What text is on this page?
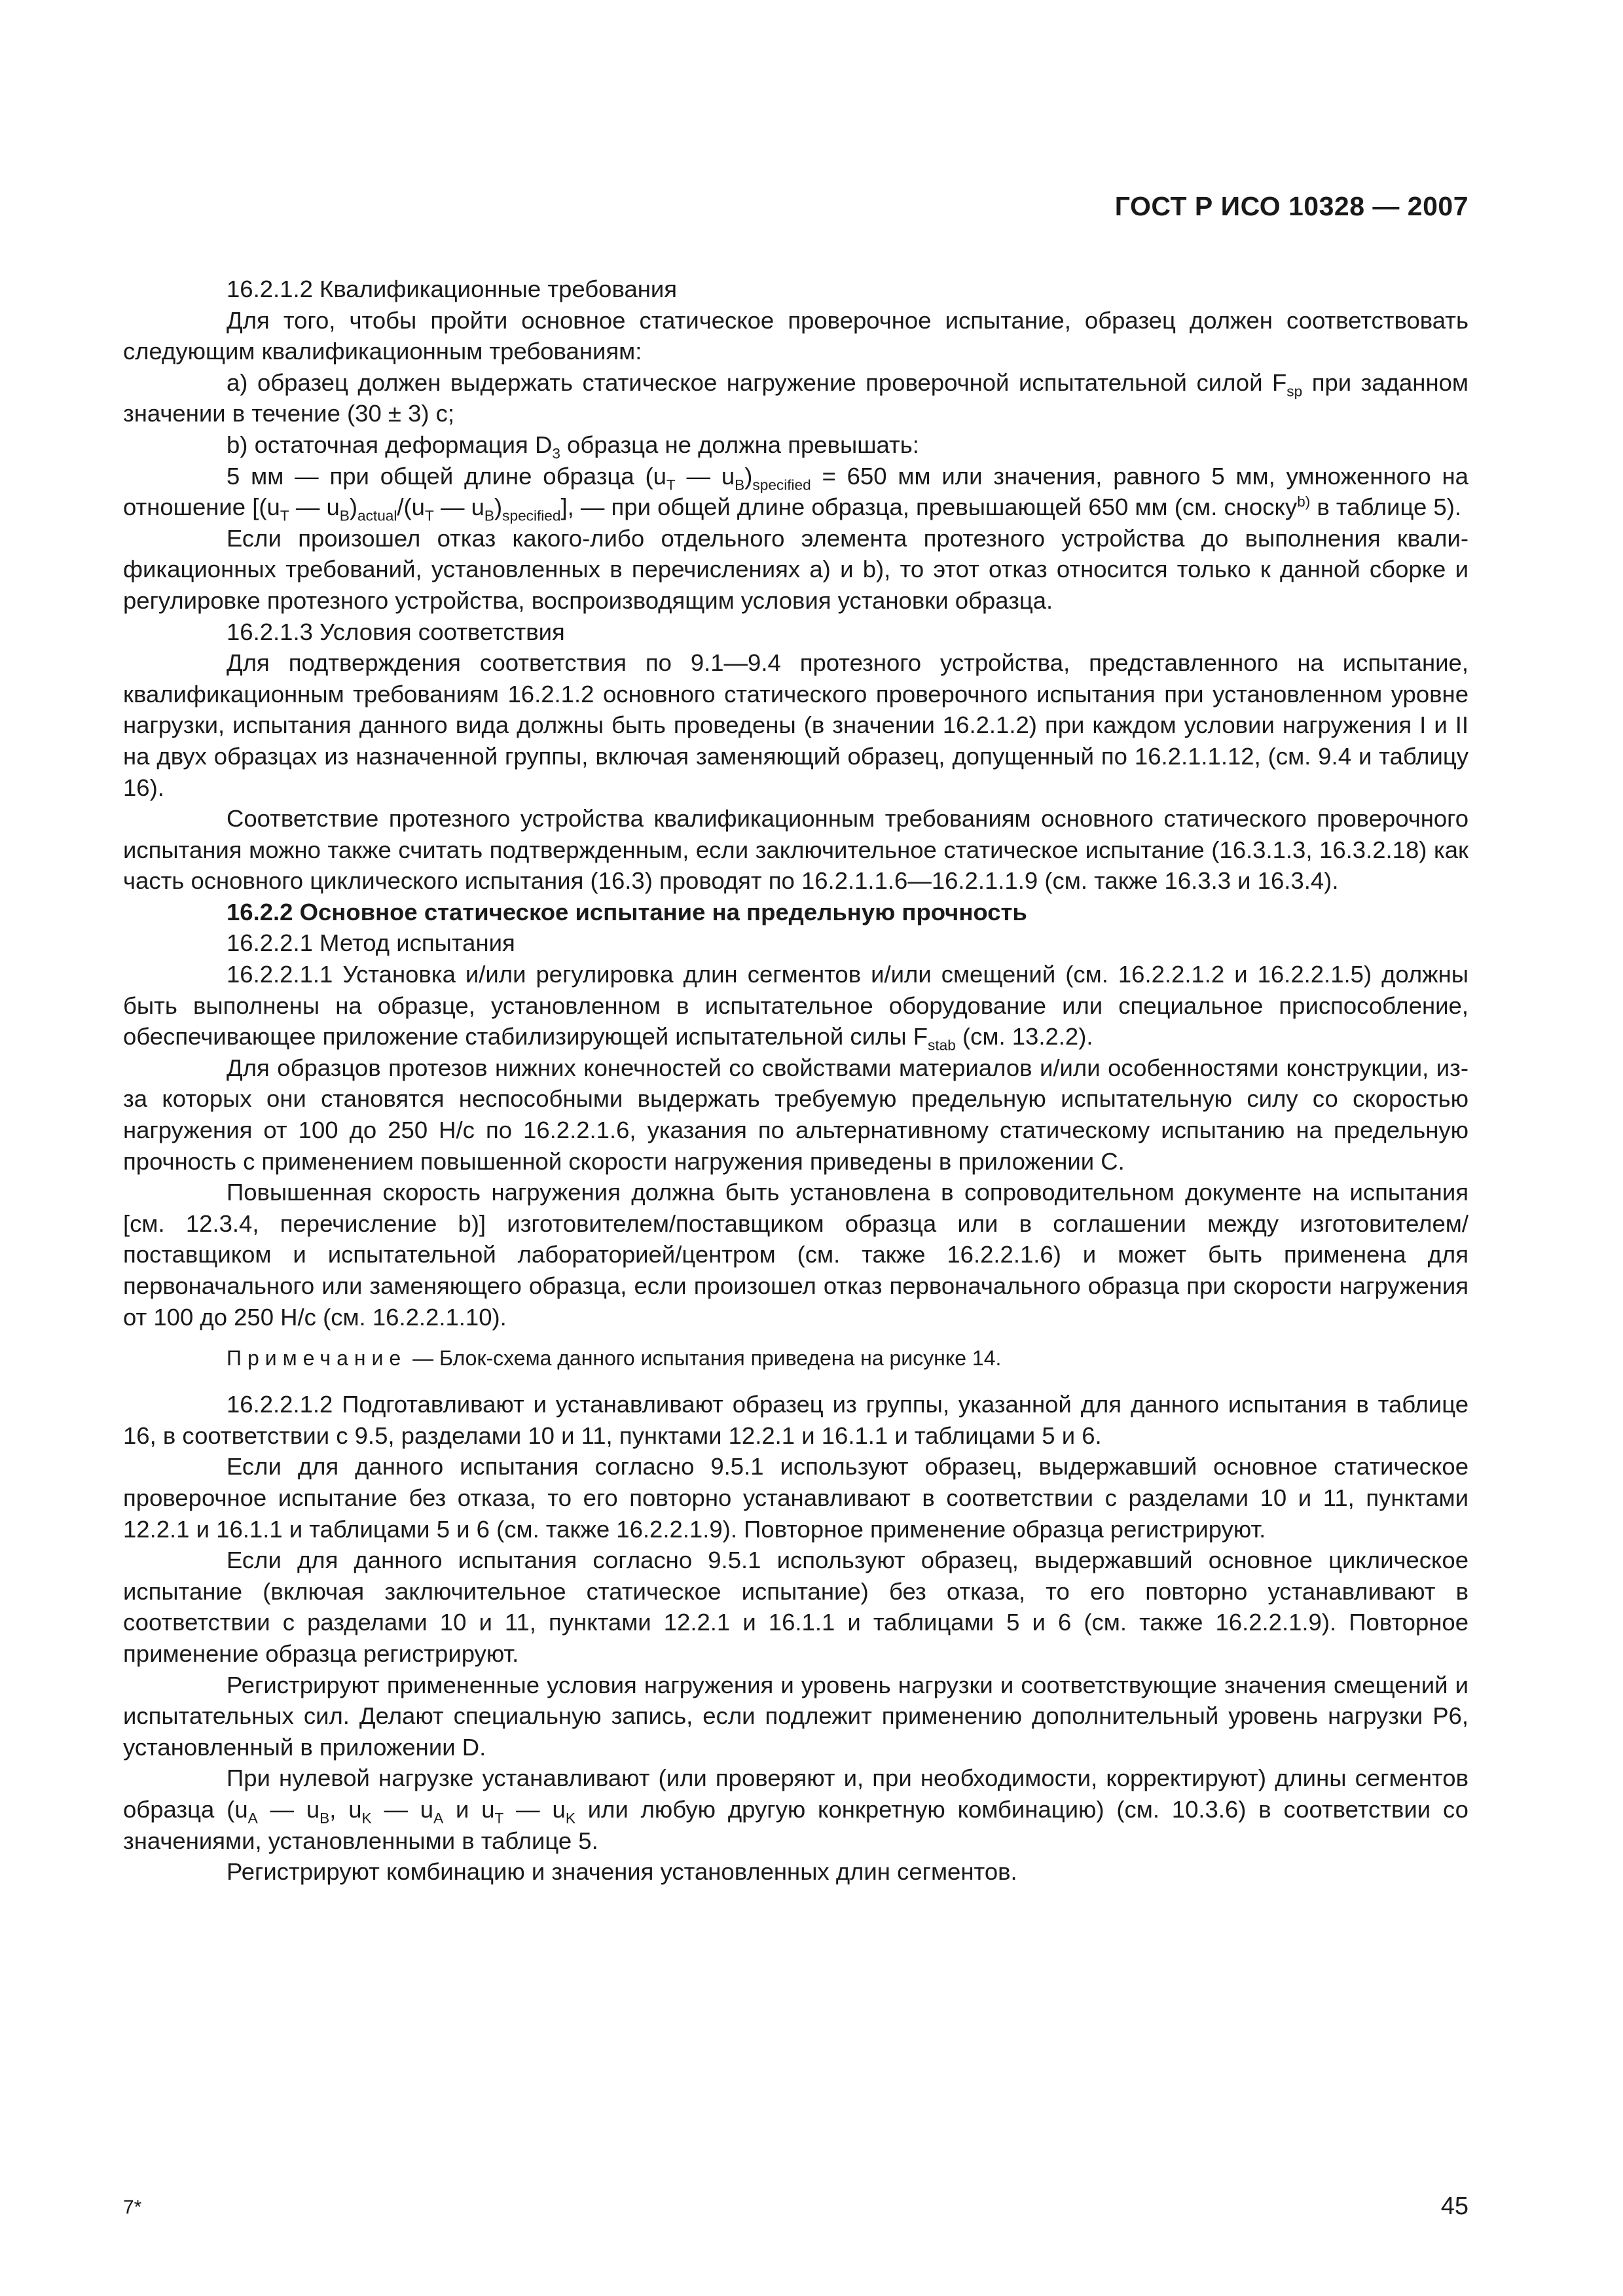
ГОСТ Р ИСО 10328 — 2007

16.2.1.2 Квалификационные требования

Для того, чтобы пройти основное статическое проверочное испытание, образец должен соответствовать следующим квалификационным требованиям:

a) образец должен выдержать статическое нагружение проверочной испытательной силой $F_{sp}$ при заданном значении в течение (30 ± 3) с;

b) остаточная деформация $D_3$ образца не должна превышать:

5 мм — при общей длине образца ($u_T$ — $u_B)_{specified} = 650$ мм или значения, равного 5 мм, умноженного на отношение [($u_T$ — $u_B)_{actual}/(u_T$ — $u_B)_{specified}$], — при общей длине образца, превышающей 650 мм (см. сноску$^{b)}$ в таблице 5).

Если произошел отказ какого-либо отдельного элемента протезного устройства до выполнения квалификационных требований, установленных в перечислениях a) и b), то этот отказ относится только к данной сборке и регулировке протезного устройства, воспроизводящим условия установки образца.

16.2.1.3 Условия соответствия

Для подтверждения соответствия по 9.1—9.4 протезного устройства, представленного на испытание, квалификационным требованиям 16.2.1.2 основного статического проверочного испытания при установленном уровне нагрузки, испытания данного вида должны быть проведены (в значении 16.2.1.2) при каждом условии нагружения I и II на двух образцах из назначенной группы, включая заменяющий образец, допущенный по 16.2.1.1.12, (см. 9.4 и таблицу 16).

Соответствие протезного устройства квалификационным требованиям основного статического проверочного испытания можно также считать подтвержденным, если заключительное статическое испытание (16.3.1.3, 16.3.2.18) как часть основного циклического испытания (16.3) проводят по 16.2.1.1.6—16.2.1.1.9 (см. также 16.3.3 и 16.3.4).

16.2.2 Основное статическое испытание на предельную прочность

16.2.2.1 Метод испытания

16.2.2.1.1 Установка и/или регулировка длин сегментов и/или смещений (см. 16.2.2.1.2 и 16.2.2.1.5) должны быть выполнены на образце, установленном в испытательное оборудование или специальное приспособление, обеспечивающее приложение стабилизирующей испытательной силы $F_{stab}$ (см. 13.2.2).

Для образцов протезов нижних конечностей со свойствами материалов и/или особенностями конструкции, из-за которых они становятся неспособными выдержать требуемую предельную испытательную силу со скоростью нагружения от 100 до 250 Н/с по 16.2.2.1.6, указания по альтернативному статическому испытанию на предельную прочность с применением повышенной скорости нагружения приведены в приложении С.

Повышенная скорость нагружения должна быть установлена в сопроводительном документе на испытания [см. 12.3.4, перечисление b)] изготовителем/поставщиком образца или в соглашении между изготовителем/поставщиком и испытательной лабораторией/центром (см. также 16.2.2.1.6) и может быть применена для первоначального или заменяющего образца, если произошел отказ первоначального образца при скорости нагружения от 100 до 250 Н/с (см. 16.2.2.1.10).

Примечание — Блок-схема данного испытания приведена на рисунке 14.

16.2.2.1.2 Подготавливают и устанавливают образец из группы, указанной для данного испытания в таблице 16, в соответствии с 9.5, разделами 10 и 11, пунктами 12.2.1 и 16.1.1 и таблицами 5 и 6.

Если для данного испытания согласно 9.5.1 используют образец, выдержавший основное статическое проверочное испытание без отказа, то его повторно устанавливают в соответствии с разделами 10 и 11, пунктами 12.2.1 и 16.1.1 и таблицами 5 и 6 (см. также 16.2.2.1.9). Повторное применение образца регистрируют.

Если для данного испытания согласно 9.5.1 используют образец, выдержавший основное циклическое испытание (включая заключительное статическое испытание) без отказа, то его повторно устанавливают в соответствии с разделами 10 и 11, пунктами 12.2.1 и 16.1.1 и таблицами 5 и 6 (см. также 16.2.2.1.9). Повторное применение образца регистрируют.

Регистрируют примененные условия нагружения и уровень нагрузки и соответствующие значения смещений и испытательных сил. Делают специальную запись, если подлежит применению дополнительный уровень нагрузки Р6, установленный в приложении D.

При нулевой нагрузке устанавливают (или проверяют и, при необходимости, корректируют) длины сегментов образца ($u_A$ — $u_B$, $u_K$ — $u_A$ и $u_T$ — $u_K$ или любую другую конкретную комбинацию) (см. 10.3.6) в соответствии со значениями, установленными в таблице 5.

Регистрируют комбинацию и значения установленных длин сегментов.

7*	45
